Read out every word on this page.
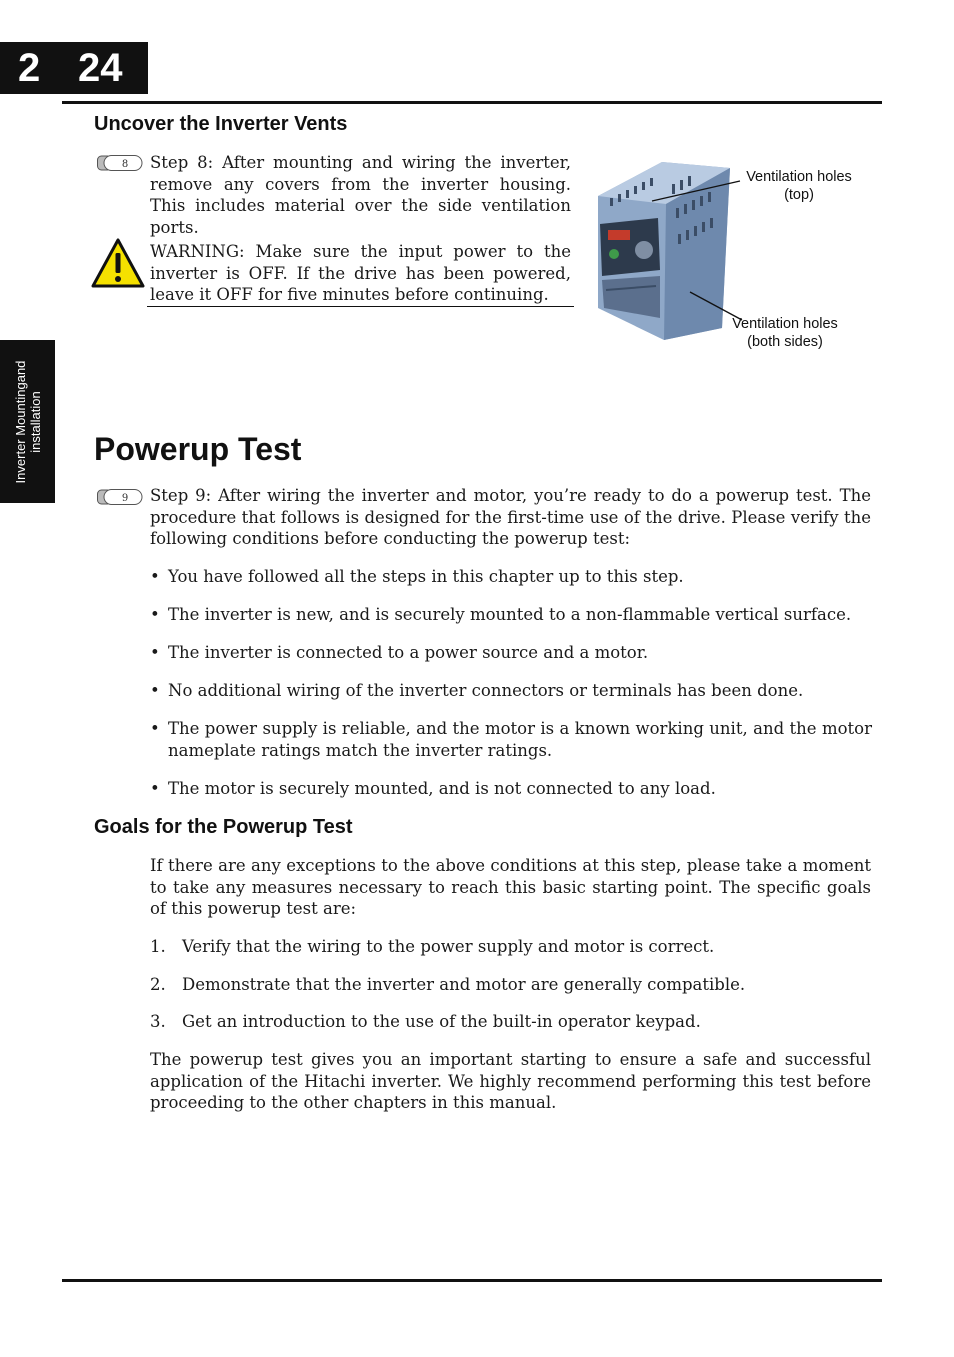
2 24
Inverter Mountingand installation
Uncover the Inverter Vents
8 Step 8: After mounting and wiring the inverter, remove any covers from the inverter housing. This includes material over the side ventilation ports.
WARNING: Make sure the input power to the inverter is OFF. If the drive has been powered, leave it OFF for five minutes before continuing.
Ventilation holes
(top)
Ventilation holes
(both sides)
Powerup Test
9 Step 9: After wiring the inverter and motor, you’re ready to do a powerup test. The procedure that follows is designed for the first-time use of the drive. Please verify the following conditions before conducting the powerup test:
• You have followed all the steps in this chapter up to this step.
• The inverter is new, and is securely mounted to a non-flammable vertical surface.
• The inverter is connected to a power source and a motor.
• No additional wiring of the inverter connectors or terminals has been done.
• The power supply is reliable, and the motor is a known working unit, and the motor nameplate ratings match the inverter ratings.
• The motor is securely mounted, and is not connected to any load.
Goals for the Powerup Test
If there are any exceptions to the above conditions at this step, please take a moment to take any measures necessary to reach this basic starting point. The specific goals of this powerup test are:
1. Verify that the wiring to the power supply and motor is correct.
2. Demonstrate that the inverter and motor are generally compatible.
3. Get an introduction to the use of the built-in operator keypad.
The powerup test gives you an important starting to ensure a safe and successful application of the Hitachi inverter. We highly recommend performing this test before proceeding to the other chapters in this manual.
